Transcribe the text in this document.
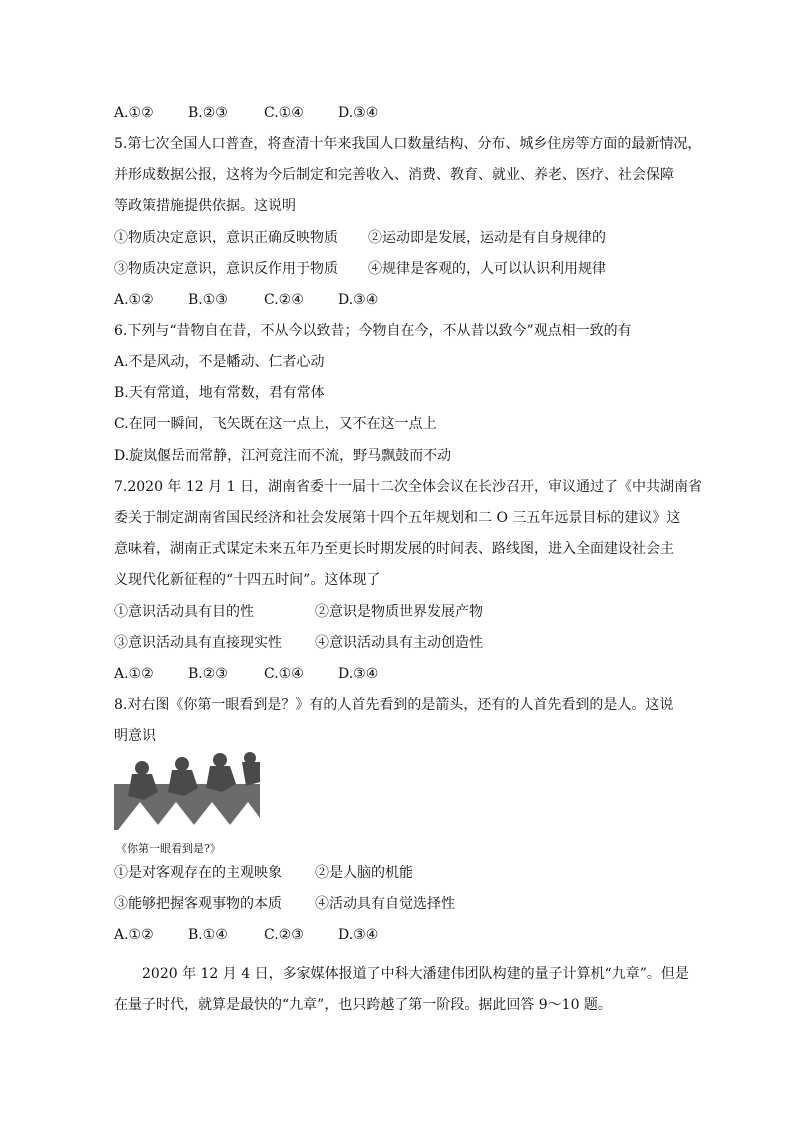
A.①② B.②③	C.①④ D.③④
5.第七次全国人口普查，将查清十年来我国人口数量结构、分布、城乡住房等方面的最新情况，
并形成数据公报，这将为今后制定和完善收入、消费、教育、就业、养老、医疗、社会保障
等政策措施提供依据。这说明
①物质决定意识，意识正确反映物质 ②运动即是发展，运动是有自身规律的
③物质决定意识，意识反作用于物质 ④规律是客观的，人可以认识利用规律
A.①② B.①③	C.②④ D.③④
6.下列与“昔物自在昔，不从今以致昔；今物自在今，不从昔以致今”观点相一致的有
A.不是风动，不是幡动、仁者心动
B.天有常道，地有常数，君有常体
C.在同一瞬间，飞矢既在这一点上，又不在这一点上
D.旋岚偃岳而常静，江河竞注而不流，野马飘鼓而不动
7.2020 年 12 月 1 日，湖南省委十一届十二次全体会议在长沙召开，审议通过了《中共湖南省
委关于制定湖南省国民经济和社会发展第十四个五年规划和二 O 三五年远景目标的建议》这
意味着，湖南正式谋定未来五年乃至更长时期发展的时间表、路线图，进入全面建设社会主
义现代化新征程的“十四五时间”。这体现了
①意识活动具有目的性	②意识是物质世界发展产物
③意识活动具有直接现实性 ④意识活动具有主动创造性
A.①② B.②③	C.①④ D.③④
8.对右图《你第一眼看到是？》有的人首先看到的是箭头，还有的人首先看到的是人。这说
明意识
《你第一眼看到是?》
①是对客观存在的主观映象 ②是人脑的机能
③能够把握客观事物的本质 ④活动具有自觉选择性
A.①② B.①④	C.②③ D.③④
2020 年 12 月 4 日，多家媒体报道了中科大潘建伟团队构建的量子计算机“九章”。但是
在量子时代，就算是最快的“九章”，也只跨越了第一阶段。据此回答 9～10 题。
